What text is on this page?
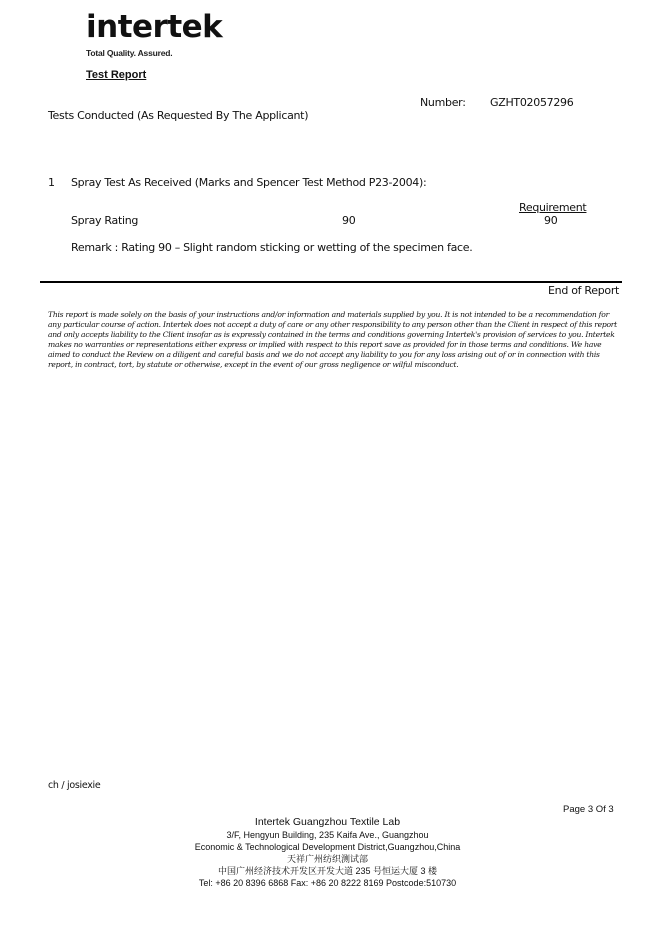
intertek
Total Quality. Assured.
Test Report
Number: GZHT02057296
Tests Conducted (As Requested By The Applicant)
1 Spray Test As Received (Marks and Spencer Test Method P23-2004):
Requirement
Spray Rating	90	90
Remark : Rating 90 – Slight random sticking or wetting of the specimen face.
End of Report
This report is made solely on the basis of your instructions and/or information and materials supplied by you. It is not intended to be a recommendation for any particular course of action. Intertek does not accept a duty of care or any other responsibility to any person other than the Client in respect of this report and only accepts liability to the Client insofar as is expressly contained in the terms and conditions governing Intertek's provision of services to you. Intertek makes no warranties or representations either express or implied with respect to this report save as provided for in those terms and conditions. We have aimed to conduct the Review on a diligent and careful basis and we do not accept any liability to you for any loss arising out of or in connection with this report, in contract, tort, by statute or otherwise, except in the event of our gross negligence or wilful misconduct.
ch / josiexie
Page 3 Of 3
Intertek Guangzhou Textile Lab
3/F, Hengyun Building, 235 Kaifa Ave., Guangzhou
Economic & Technological Development District,Guangzhou,China
天祥广州纺织测试部
中国广州经济技术开发区开发大道 235 号恒运大厦 3 楼
Tel: +86 20 8396 6868 Fax: +86 20 8222 8169 Postcode:510730
